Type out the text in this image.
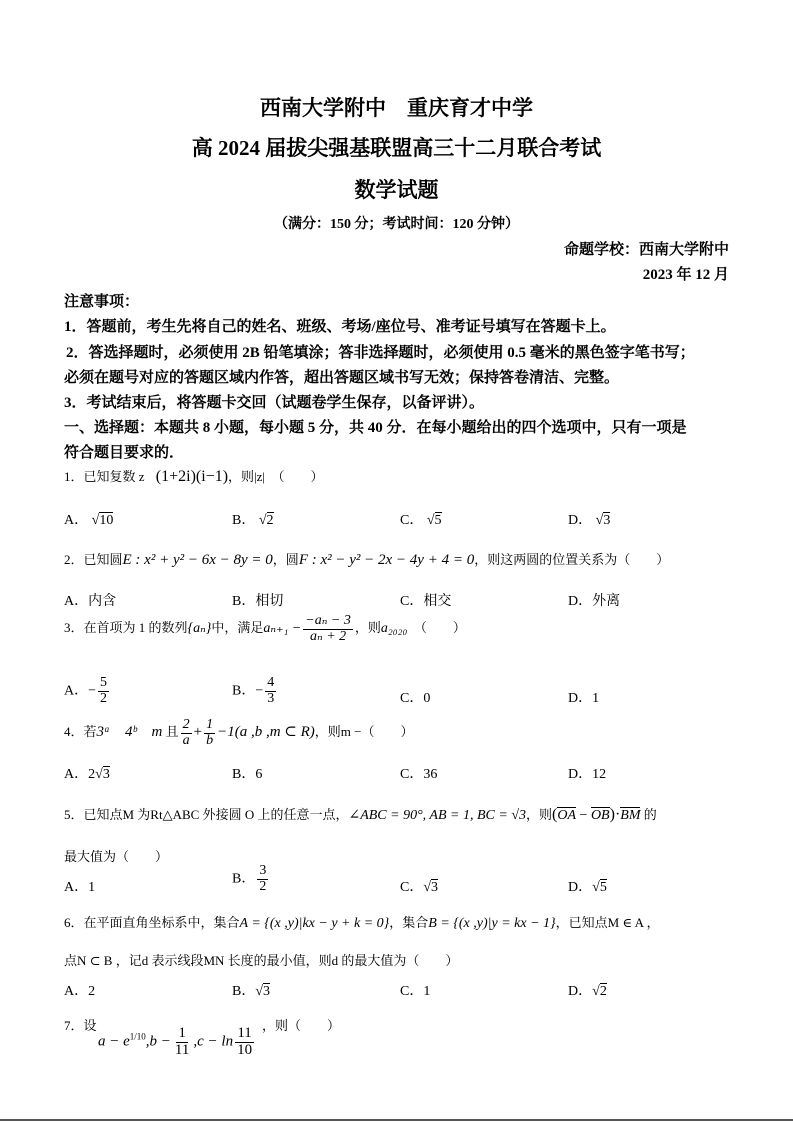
西南大学附中　重庆育才中学
高 2024 届拔尖强基联盟高三十二月联合考试
数学试题
（满分：150 分；考试时间：120 分钟）
命题学校：西南大学附中
2023 年 12 月
注意事项：
1．答题前，考生先将自己的姓名、班级、考场/座位号、准考证号填写在答题卡上。
2．答选择题时，必须使用 2B 铅笔填涂；答非选择题时，必须使用 0.5 毫米的黑色签字笔书写；
必须在题号对应的答题区域内作答，超出答题区域书写无效；保持答卷清洁、完整。
3．考试结束后，将答题卡交回（试题卷学生保存，以备评讲）。
一、选择题：本题共 8 小题，每小题 5 分，共 40 分．在每小题给出的四个选项中，只有一项是
符合题目要求的．
1．已知复数 z (1+2i)(i−1)，则|z|　（　　）
A． √10	B． √2	C． √5	D． √3
2．已知圆E : x² + y² − 6x − 8y = 0，圆F : x² − y² − 2x − 4y + 4 = 0，则这两圆的位置关系为（　　）
A．内含	B．相切	C．相交	D．外离
3．在首项为 1 的数列{aₙ}中，满足$a_{n+1} - \frac{\text{−aₙ − 3}}{\text{aₙ + 2}}$ ，则a₂₀₂₀　（　　）
A．− $\frac{5}{2}$	B．− $\frac{4}{3}$	C．0	D．1
4．若3ᵃ　4ᵇ　m 且 $\frac{2}{a} + \frac{1}{b} -1(a$ ,b ,m ⊂ R)，则m −（　　）
A．2√3	B．6	C．36	D．12
5．已知点M 为Rt△ABC 外接圆 O 上的任意一点，∠ABC = 90°, AB = 1, BC = √3，则(OA − OB)·BM 的
最大值为（　　）
A．1
B． $\frac{3}{2}$	C．√3	D．√5
6．在平面直角坐标系中，集合A = {(x ,y)|kx − y + k = 0}，集合B = {(x ,y)|y = kx − 1}，已知点M ∈ A ，
点N ⊂ B ，记d 表示线段MN 长度的最小值，则d 的最大值为（　　）
A．2	B．√3	C．1	D．√2
7．设	，则（　　）
$a - e^{1/10},b - \frac{1}{11} ,c - \ln \frac{11}{10}$
